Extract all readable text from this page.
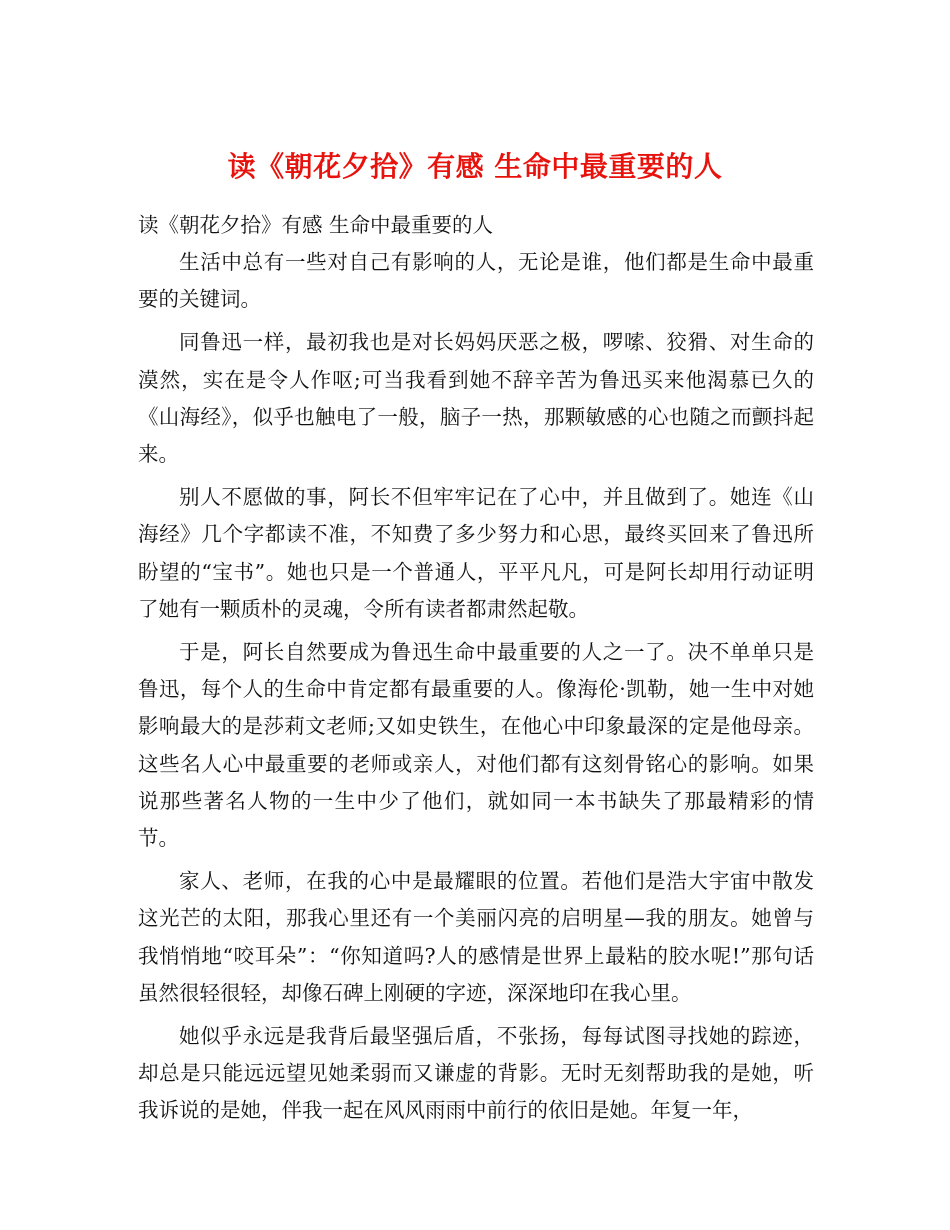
读《朝花夕拾》有感 生命中最重要的人

读《朝花夕拾》有感 生命中最重要的人

生活中总有一些对自己有影响的人，无论是谁，他们都是生命中最重要的关键词。

同鲁迅一样，最初我也是对长妈妈厌恶之极，啰嗦、狡猾、对生命的漠然，实在是令人作呕;可当我看到她不辞辛苦为鲁迅买来他渴慕已久的《山海经》，似乎也触电了一般，脑子一热，那颗敏感的心也随之而颤抖起来。

别人不愿做的事，阿长不但牢牢记在了心中，并且做到了。她连《山海经》几个字都读不准，不知费了多少努力和心思，最终买回来了鲁迅所盼望的“宝书”。她也只是一个普通人，平平凡凡，可是阿长却用行动证明了她有一颗质朴的灵魂，令所有读者都肃然起敬。

于是，阿长自然要成为鲁迅生命中最重要的人之一了。决不单单只是鲁迅，每个人的生命中肯定都有最重要的人。像海伦·凯勒，她一生中对她影响最大的是莎莉文老师;又如史铁生，在他心中印象最深的定是他母亲。这些名人心中最重要的老师或亲人，对他们都有这刻骨铭心的影响。如果说那些著名人物的一生中少了他们，就如同一本书缺失了那最精彩的情节。

家人、老师，在我的心中是最耀眼的位置。若他们是浩大宇宙中散发这光芒的太阳，那我心里还有一个美丽闪亮的启明星—我的朋友。她曾与我悄悄地“咬耳朵”：“你知道吗?人的感情是世界上最粘的胶水呢!”那句话虽然很轻很轻，却像石碑上刚硬的字迹，深深地印在我心里。

她似乎永远是我背后最坚强后盾，不张扬，每每试图寻找她的踪迹，却总是只能远远望见她柔弱而又谦虚的背影。无时无刻帮助我的是她，听我诉说的是她，伴我一起在风风雨雨中前行的依旧是她。年复一年，
